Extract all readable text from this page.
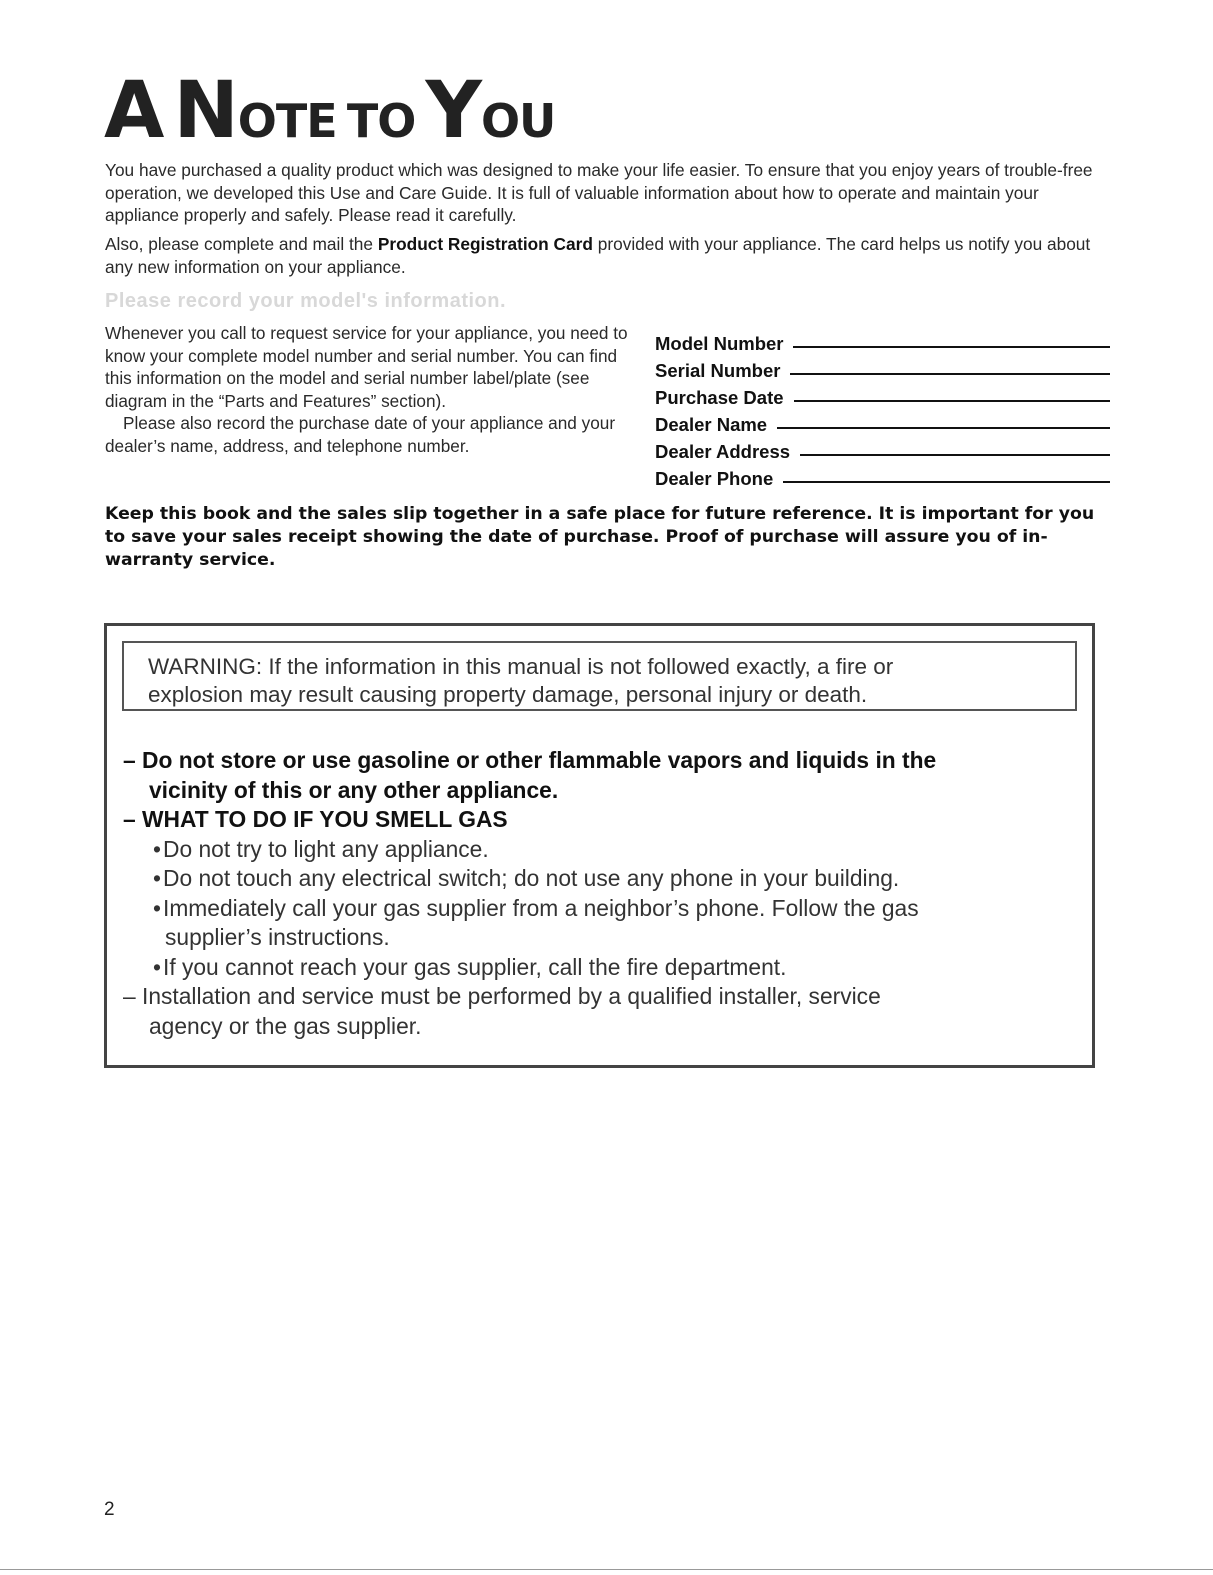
A NOTE TO YOU

You have purchased a quality product which was designed to make your life easier. To ensure that you enjoy years of trouble-free operation, we developed this Use and Care Guide. It is full of valuable information about how to operate and maintain your appliance properly and safely. Please read it carefully.

Also, please complete and mail the Product Registration Card provided with your appliance. The card helps us notify you about any new information on your appliance.

Please record your model's information.

Whenever you call to request service for your appliance, you need to know your complete model number and serial number. You can find this information on the model and serial number label/plate (see diagram in the “Parts and Features” section).

Please also record the purchase date of your appliance and your dealer’s name, address, and telephone number.

Model Number
Serial Number
Purchase Date
Dealer Name
Dealer Address
Dealer Phone

Keep this book and the sales slip together in a safe place for future reference. It is important for you to save your sales receipt showing the date of purchase. Proof of purchase will assure you of in-warranty service.

WARNING: If the information in this manual is not followed exactly, a fire or
explosion may result causing property damage, personal injury or death.

– Do not store or use gasoline or other flammable vapors and liquids in the

vicinity of this or any other appliance.

– WHAT TO DO IF YOU SMELL GAS

•Do not try to light any appliance.

•Do not touch any electrical switch; do not use any phone in your building.

•Immediately call your gas supplier from a neighbor’s phone. Follow the gas

supplier’s instructions.

•If you cannot reach your gas supplier, call the fire department.

– Installation and service must be performed by a qualified installer, service

agency or the gas supplier.

2
